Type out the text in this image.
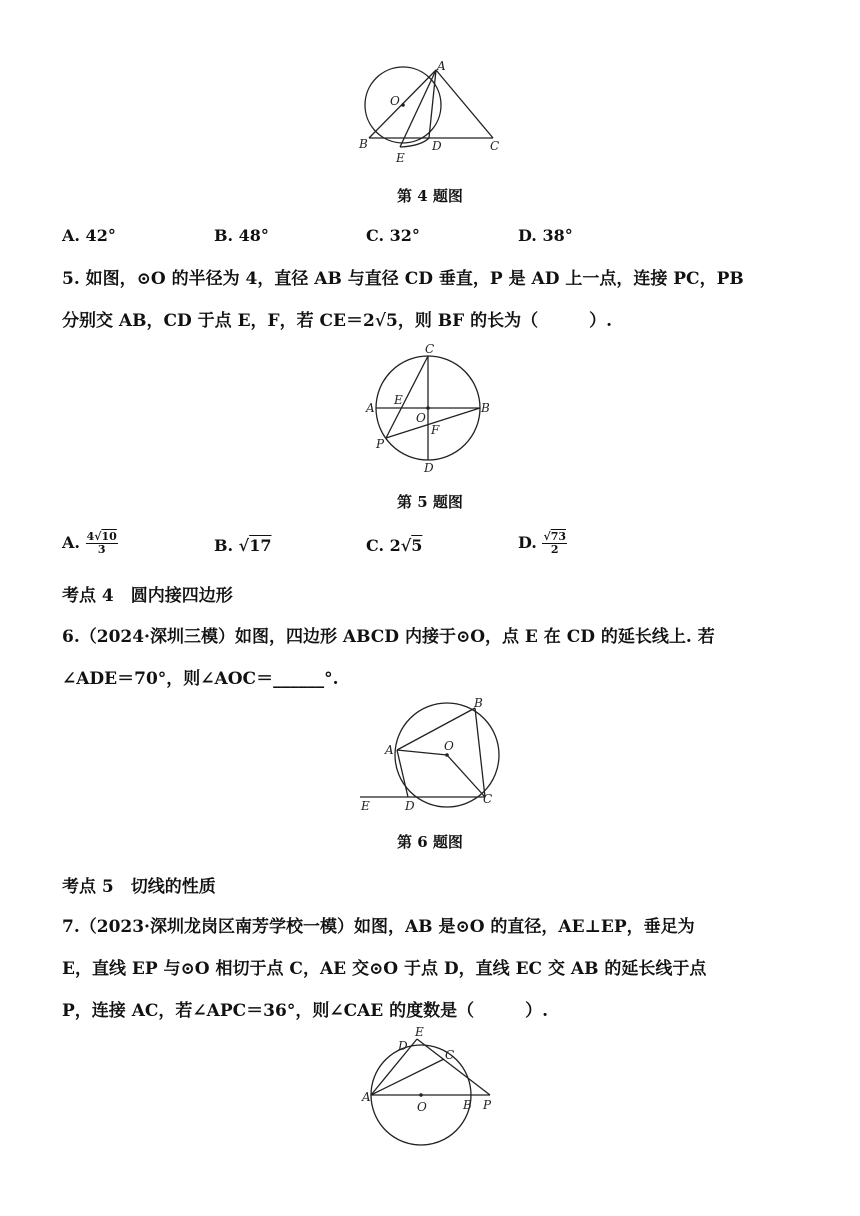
A
O
B
E
D	C
第 4 题图
A. 42°	B. 48°	C. 32°	D. 38°
5. 如图，⊙O 的半径为 4，直径 AB 与直径 CD 垂直，P 是 AD 上一点，连接 PC，PB
分别交 AB，CD 于点 E，F，若 CE＝2√5，则 BF 的长为（　　　）.
C
A
E
O
B
P
F
D
第 5 题图
A. $\frac{4√10}{3}$	B. √17	C. 2√5	D. $\frac{√73}{2}$
考点 4　圆内接四边形
6.（2024·深圳三模）如图，四边形 ABCD 内接于⊙O，点 E 在 CD 的延长线上. 若
∠ADE＝70°，则∠AOC＝______°.
B
A	O
E	D	C
第 6 题图
考点 5　切线的性质
7.（2023·深圳龙岗区南芳学校一模）如图，AB 是⊙O 的直径，AE⊥EP，垂足为
E，直线 EP 与⊙O 相切于点 C，AE 交⊙O 于点 D，直线 EC 交 AB 的延长线于点
P，连接 AC，若∠APC＝36°，则∠CAE 的度数是（　　　）.
E
D
C
A
O	B P
